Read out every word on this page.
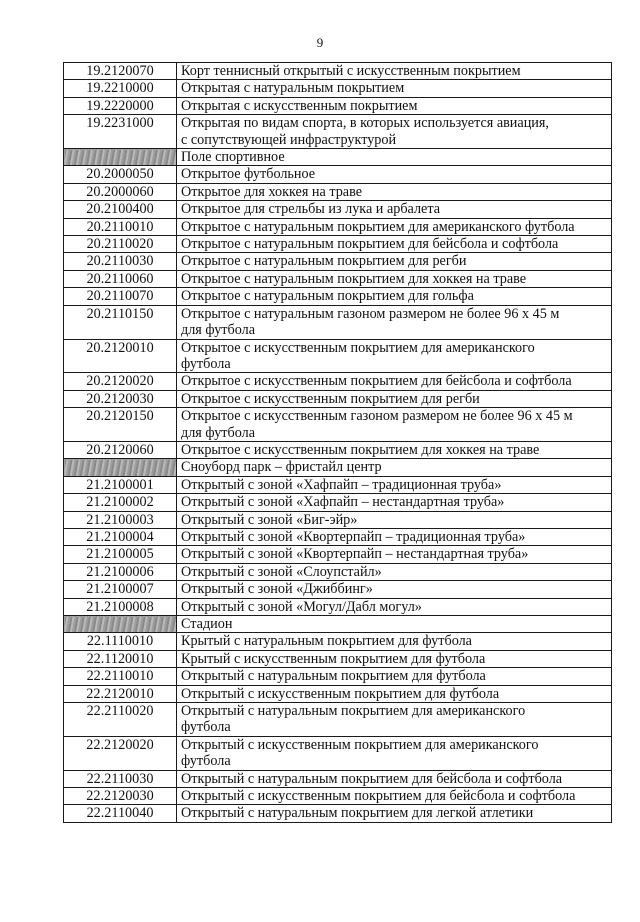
9
19.2120070	Корт теннисный открытый с искусственным покрытием

19.2210000	Открытая с натуральным покрытием

19.2220000	Открытая с искусственным покрытием

19.2231000	Открытая по видам спорта, в которых используется авиация,
с сопутствующей инфраструктурой

	Поле спортивное

20.2000050	Открытое футбольное

20.2000060	Открытое для хоккея на траве

20.2100400	Открытое для стрельбы из лука и арбалета

20.2110010	Открытое с натуральным покрытием для американского футбола

20.2110020	Открытое с натуральным покрытием для бейсбола и софтбола

20.2110030	Открытое с натуральным покрытием для регби

20.2110060	Открытое с натуральным покрытием для хоккея на траве

20.2110070	Открытое с натуральным покрытием для гольфа

20.2110150	Открытое с натуральным газоном размером не более 96 х 45 м
для футбола

20.2120010	Открытое с искусственным покрытием для американского
футбола

20.2120020	Открытое с искусственным покрытием для бейсбола и софтбола

20.2120030	Открытое с искусственным покрытием для регби

20.2120150	Открытое с искусственным газоном размером не более 96 х 45 м
для футбола

20.2120060	Открытое с искусственным покрытием для хоккея на траве

	Сноуборд парк – фристайл центр

21.2100001	Открытый с зоной «Хафпайп – традиционная труба»

21.2100002	Открытый с зоной «Хафпайп – нестандартная труба»

21.2100003	Открытый с зоной «Биг-эйр»

21.2100004	Открытый с зоной «Квортерпайп – традиционная труба»

21.2100005	Открытый с зоной «Квортерпайп – нестандартная труба»

21.2100006	Открытый с зоной «Слоупстайл»

21.2100007	Открытый с зоной «Джиббинг»

21.2100008	Открытый с зоной «Могул/Дабл могул»

	Стадион

22.1110010	Крытый с натуральным покрытием для футбола

22.1120010	Крытый с искусственным покрытием для футбола

22.2110010	Открытый с натуральным покрытием для футбола

22.2120010	Открытый с искусственным покрытием для футбола

22.2110020	Открытый с натуральным покрытием для американского
футбола

22.2120020	Открытый с искусственным покрытием для американского
футбола

22.2110030	Открытый с натуральным покрытием для бейсбола и софтбола

22.2120030	Открытый с искусственным покрытием для бейсбола и софтбола

22.2110040	Открытый с натуральным покрытием для легкой атлетики
